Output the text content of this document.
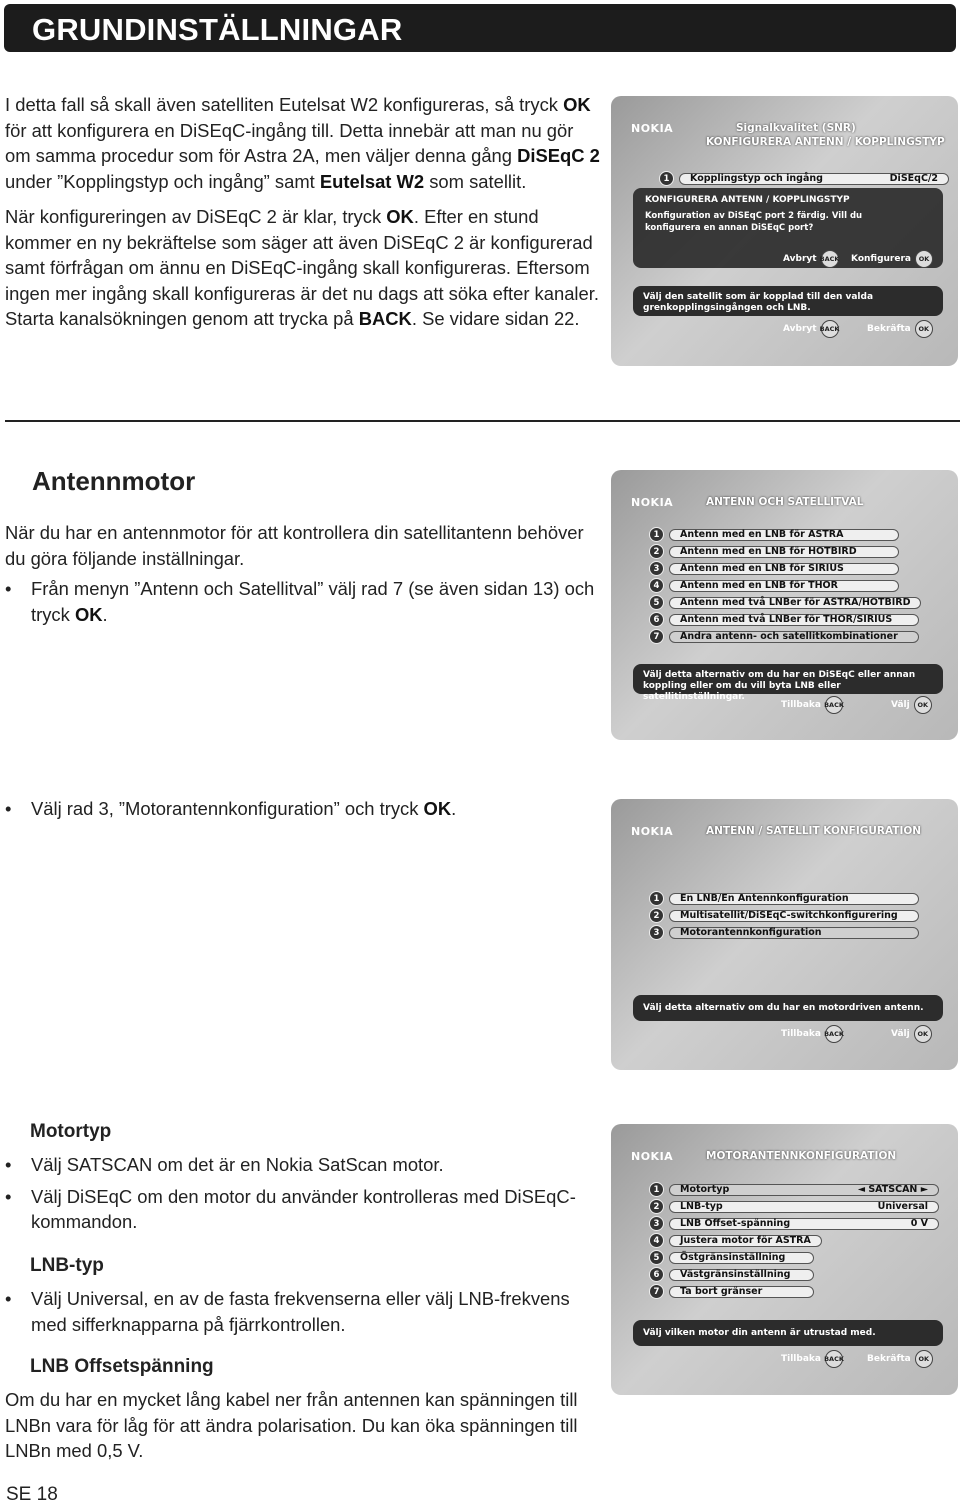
GRUNDINSTÄLLNINGAR

I detta fall så skall även satelliten Eutelsat W2 konfigureras, så tryck OK för att konfigurera en DiSEqC-ingång till. Detta innebär att man nu gör om samma procedur som för Astra 2A, men väljer denna gång DiSEqC 2 under ”Kopplingstyp och ingång” samt Eutelsat W2 som satellit.

När konfigureringen av DiSEqC 2 är klar, tryck OK. Efter en stund kommer en ny bekräftelse som säger att även DiSEqC 2 är konfigurerad samt förfrågan om ännu en DiSEqC-ingång skall konfigureras. Eftersom ingen mer ingång skall konfigureras är det nu dags att söka efter kanaler. Starta kanalsökningen genom att trycka på BACK. Se vidare sidan 22.

Antennmotor

När du har en antennmotor för att kontrollera din satellitantenn behöver du göra följande inställningar.

• Från menyn ”Antenn och Satellitval” välj rad 7 (se även sidan 13) och tryck OK.

• Välj rad 3, ”Motorantennkonfiguration” och tryck OK.

Motortyp

• Välj SATSCAN om det är en Nokia SatScan motor.

• Välj DiSEqC om den motor du använder kontrolleras med DiSEqC-kommandon.

LNB-typ

• Välj Universal, en av de fasta frekvenserna eller välj LNB-frekvens med sifferknapparna på fjärrkontrollen.

LNB Offsetspänning

Om du har en mycket lång kabel ner från antennen kan spänningen till LNBn vara för låg för att ändra polarisation. Du kan öka spänningen till LNBn med 0,5 V.

SE 18
NOKIA	Signalkvalitet (SNR)
KONFIGURERA ANTENN / KOPPLINGSTYP
1	Kopplingstyp och ingång	DiSEqC/2
KONFIGURERA ANTENN / KOPPLINGSTYP
Konfiguration av DiSEqC port 2 färdig. Vill du konfigurera en annan DiSEqC port?
Avbryt BACK Konfigurera	OK
Välj den satellit som är kopplad till den valda grenkopplingsingången och LNB.
Avbryt BACK	Bekräfta	OK
NOKIA	ANTENN OCH SATELLITVAL
1	Antenn med en LNB för ASTRA
2	Antenn med en LNB för HOTBIRD
3	Antenn med en LNB för SIRIUS
4	Antenn med en LNB för THOR
5	Antenn med två LNBer för ASTRA/HOTBIRD
6	Antenn med två LNBer för THOR/SIRIUS
7	Andra antenn- och satellitkombinationer
Välj detta alternativ om du har en DiSEqC eller annan koppling eller om du vill byta LNB eller satellitinställningar.
Tillbaka BACK	Välj	OK
NOKIA	ANTENN / SATELLIT KONFIGURATION
1	En LNB/En Antennkonfiguration
2	Multisatellit/DiSEqC-switchkonfigurering
3	Motorantennkonfiguration
Välj detta alternativ om du har en motordriven antenn.
Tillbaka BACK	Välj	OK
NOKIA	MOTORANTENNKONFIGURATION
1	Motortyp	◄ SATSCAN ►
2	LNB-typ	Universal
3	LNB Offset-spänning	0 V
4	Justera motor för ASTRA
5	Östgränsinställning
6	Västgränsinställning
7	Ta bort gränser
Välj vilken motor din antenn är utrustad med.
Tillbaka BACK	Bekräfta	OK
